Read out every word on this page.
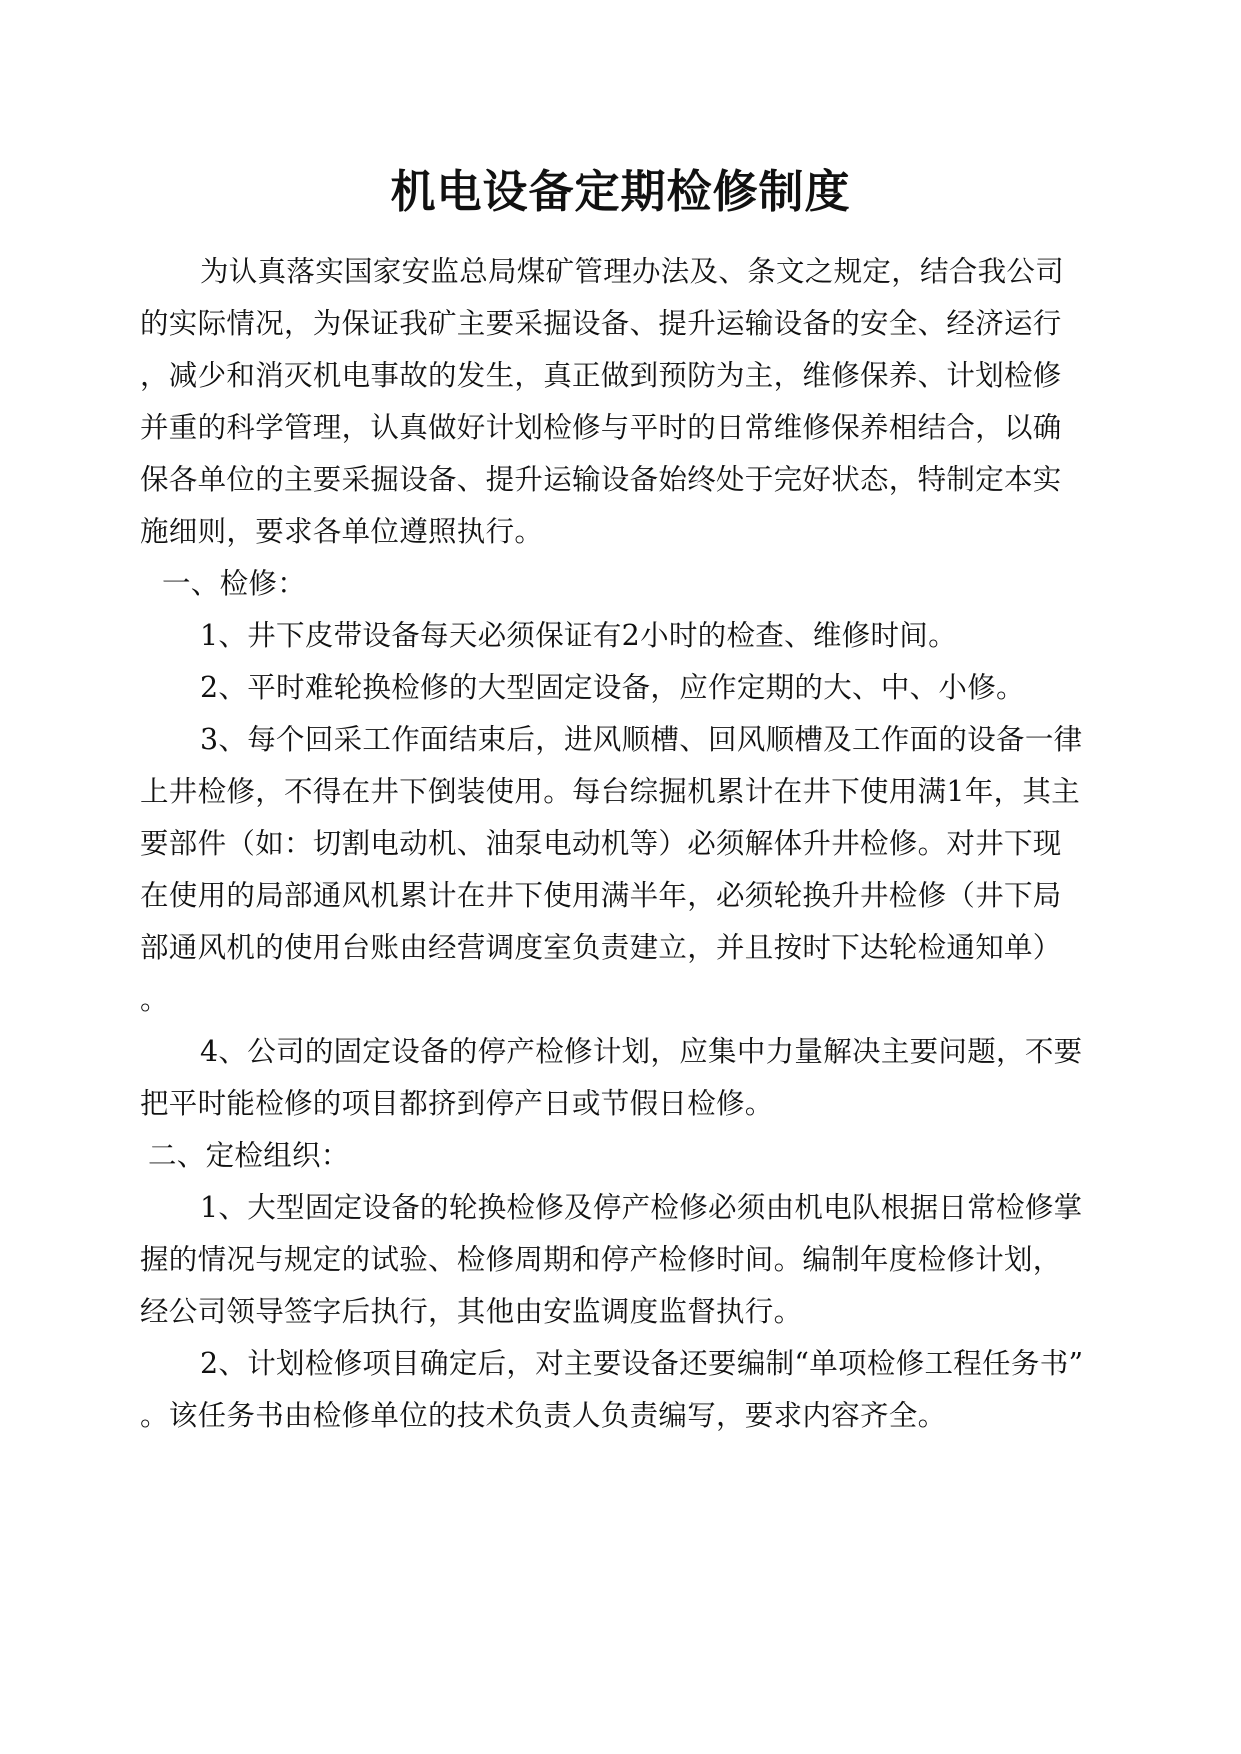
机电设备定期检修制度
为认真落实国家安监总局煤矿管理办法及、条文之规定，结合我公司
的实际情况，为保证我矿主要采掘设备、提升运输设备的安全、经济运行
，减少和消灭机电事故的发生，真正做到预防为主，维修保养、计划检修
并重的科学管理，认真做好计划检修与平时的日常维修保养相结合，以确
保各单位的主要采掘设备、提升运输设备始终处于完好状态，特制定本实
施细则，要求各单位遵照执行。
一、检修：
1、井下皮带设备每天必须保证有2小时的检查、维修时间。
2、平时难轮换检修的大型固定设备，应作定期的大、中、小修。
3、每个回采工作面结束后，进风顺槽、回风顺槽及工作面的设备一律
上井检修，不得在井下倒装使用。每台综掘机累计在井下使用满1年，其主
要部件（如：切割电动机、油泵电动机等）必须解体升井检修。对井下现
在使用的局部通风机累计在井下使用满半年，必须轮换升井检修（井下局
部通风机的使用台账由经营调度室负责建立，并且按时下达轮检通知单）
。
4、公司的固定设备的停产检修计划，应集中力量解决主要问题，不要
把平时能检修的项目都挤到停产日或节假日检修。
二、定检组织：
1、大型固定设备的轮换检修及停产检修必须由机电队根据日常检修掌
握的情况与规定的试验、检修周期和停产检修时间。编制年度检修计划，
经公司领导签字后执行，其他由安监调度监督执行。
2、计划检修项目确定后，对主要设备还要编制“单项检修工程任务书”
。该任务书由检修单位的技术负责人负责编写，要求内容齐全。
